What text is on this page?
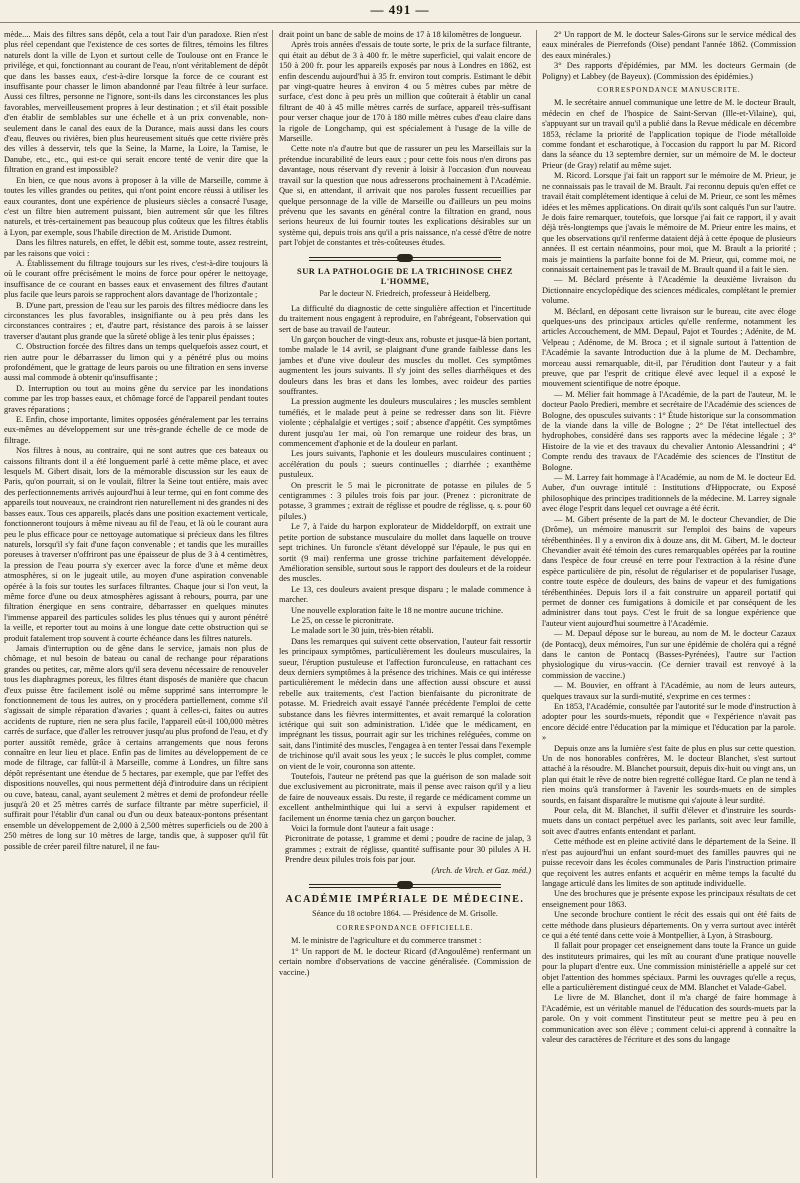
— 491 —

mède.... Mais des filtres sans dépôt, cela a tout l'air d'un paradoxe. Rien n'est plus réel cependant que l'existence de ces sortes de filtres, témoins les filtres naturels dont la ville de Lyon et surtout celle de Toulouse ont en France le privilége, et qui, fonctionnant au courant de l'eau, n'ont véritablement de dépôt que dans les basses eaux, c'est-à-dire lorsque la force de ce courant est insuffisante pour chasser le limon abandonné par l'eau filtrée à leur surface. Aussi ces filtres, personne ne l'ignore, sont-ils dans les circonstances les plus favorables, merveilleusement propres à leur destination ; et s'il était possible d'en établir de semblables sur une échelle et à un prix convenable, non-seulement dans le canal des eaux de la Durance, mais aussi dans les cours d'eau, fleuves ou rivières, bien plus heureusement situés que cette rivière près des villes à desservir, tels que la Seine, la Marne, la Loire, la Tamise, le Danube, etc., etc., qui est-ce qui serait encore tenté de venir dire que la filtration en grand est impossible?

En bien, ce que nous avons à proposer à la ville de Marseille, comme à toutes les villes grandes ou petites, qui n'ont point encore réussi à utiliser les eaux courantes, dont une expérience de plusieurs siècles a consacré l'usage, c'est un filtre bien autrement puissant, bien autrement sûr que les filtres naturels, et très-certainement pas beaucoup plus coûteux que les filtres établis à Lyon, par exemple, sous l'habile direction de M. Aristide Dumont.

Dans les filtres naturels, en effet, le débit est, somme toute, assez restreint, par les raisons que voici :

A. Établissement du filtrage toujours sur les rives, c'est-à-dire toujours là où le courant offre précisément le moins de force pour opérer le nettoyage, insuffisance de ce courant en basses eaux et envasement des filtres d'autant plus facile que leurs parois se rapprochent alors davantage de l'horizontale ;

B. D'une part, pression de l'eau sur les parois des filtres médiocre dans les circonstances les plus favorables, insignifiante ou à peu près dans les circonstances contraires ; et, d'autre part, résistance des parois à se laisser traverser d'autant plus grande que la sûreté oblige à les tenir plus épaisses ;

C. Obstruction forcée des filtres dans un temps quelquefois assez court, et rien autre pour le débarrasser du limon qui y a pénétré plus ou moins profondément, que le grattage de leurs parois ou une filtration en sens inverse aussi mal commode à obtenir qu'insuffisante ;

D. Interruption ou tout au moins gêne du service par les inondations comme par les trop basses eaux, et chômage forcé de l'appareil pendant toutes graves réparations ;

E. Enfin, chose importante, limites opposées généralement par les terrains eux-mêmes au développement sur une très-grande échelle de ce mode de filtrage.

Nos filtres à nous, au contraire, qui ne sont autres que ces bateaux ou caissons filtrants dont il a été longuement parlé à cette même place, et avec lesquels M. Gibert disait, lors de la mémorable discussion sur les eaux de Paris, qu'on pourrait, si on le voulait, filtrer la Seine tout entière, mais avec des perfectionnements arrivés aujourd'hui à leur terme, qui en font comme des appareils tout nouveaux, ne craindront rien naturellement ni des grandes ni des basses eaux. Tous ces appareils, placés dans une position exactement verticale, fonctionneront toujours à même niveau au fil de l'eau, et là où le courant aura peu le plus efficace pour ce nettoyage automatique si précieux dans les filtres naturels, lorsqu'il s'y fait d'une façon convenable ; et tandis que les murailles poreuses à traverser n'offriront pas une épaisseur de plus de 3 à 4 centimètres, la pression de l'eau pourra s'y exercer avec la force d'une et même deux atmosphères, si on le jugeait utile, au moyen d'une aspiration convenable opérée à la fois sur toutes les surfaces filtrantes. Chaque jour si l'on veut, la même force d'une ou deux atmosphères agissant à rebours, pourra, par une filtration énergique en sens contraire, débarrasser en quelques minutes l'immense appareil des particules solides les plus ténues qui y auront pénétré la veille, et reporter tout au moins à une longue date cette obstruction qui se produit fatalement trop souvent à courte échéance dans les filtres naturels.

Jamais d'interruption ou de gêne dans le service, jamais non plus de chômage, et nul besoin de bateau ou canal de rechange pour réparations grandes ou petites, car, même alors qu'il sera devenu nécessaire de renouveler tous les diaphragmes poreux, les filtres étant disposés de manière que chacun d'eux puisse être facilement isolé ou même supprimé sans interrompre le fonctionnement de tous les autres, on y procédera partiellement, comme s'il s'agissait de simple réparation d'avaries ; quant à celles-ci, faites ou autres accidents de rupture, rien ne sera plus facile, l'appareil eût-il 100,000 mètres carrés de surface, que d'aller les retrouver jusqu'au plus profond de l'eau, et d'y porter aussitôt remède, grâce à certains arrangements que nous ferons connaître en leur lieu et place. Enfin pas de limites au développement de ce mode de filtrage, car fallût-il à Marseille, comme à Londres, un filtre sans dépôt représentant une étendue de 5 hectares, par exemple, que par l'effet des dispositions nouvelles, qui nous permettent déjà d'introduire dans un récipient ou cuve, bateau, canal, ayant seulement 2 mètres et demi de profondeur réelle jusqu'à 20 et 25 mètres carrés de surface filtrante par mètre superficiel, il suffirait pour l'établir d'un canal ou d'un ou deux bateaux-pontons présentant ensemble un développement de 2,000 à 2,500 mètres superficiels ou de 200 à 250 mètres de long sur 10 mètres de large, tandis que, à supposer qu'il fût possible de créer pareil filtre naturel, il ne fau-

drait point un banc de sable de moins de 17 à 18 kilomètres de longueur.

Après trois années d'essais de toute sorte, le prix de la surface filtrante, qui était au début de 3 à 400 fr. le mètre superficiel, qui valait encore de 150 à 200 fr. pour les appareils exposés par nous à Londres en 1862, est enfin descendu aujourd'hui à 35 fr. environ tout compris. Estimant le débit par vingt-quatre heures à environ 4 ou 5 mètres cubes par mètre de surface, c'est donc à peu près un million que coûterait à établir un canal filtrant de 40 à 45 mille mètres carrés de surface, appareil très-suffisant pour verser chaque jour de 170 à 180 mille mètres cubes d'eau claire dans la rigole de Longchamp, qui est spécialement à l'usage de la ville de Marseille.

Cette note n'a d'autre but que de rassurer un peu les Marseillais sur la prétendue incurabilité de leurs eaux ; pour cette fois nous n'en dirons pas davantage, nous réservant d'y revenir à loisir à l'occasion d'un nouveau travail sur la question que nous adresserons prochainement à l'Académie. Que si, en attendant, il arrivait que nos paroles fussent recueillies par quelque personnage de la ville de Marseille ou d'ailleurs un peu moins prévenu que les savants en général contre la filtration en grand, nous serions heureux de lui fournir toutes les explications désirables sur un système qui, depuis trois ans qu'il a pris naissance, n'a cessé d'être de notre part l'objet de constantes et très-coûteuses études.

SUR LA PATHOLOGIE DE LA TRICHINOSE CHEZ L'HOMME,

Par le docteur N. Friedreich, professeur à Heidelberg.

La difficulté du diagnostic de cette singulière affection et l'incertitude du traitement nous engagent à reproduire, en l'abrégeant, l'observation qui sert de base au travail de l'auteur.

Un garçon boucher de vingt-deux ans, robuste et jusque-là bien portant, tombe malade le 14 avril, se plaignant d'une grande faiblesse dans les jambes et d'une vive douleur des muscles du mollet. Ces symptômes augmentent les jours suivants. Il s'y joint des selles diarrhéiques et des douleurs dans les bras et dans les lombes, avec roideur des parties souffrantes.

La pression augmente les douleurs musculaires ; les muscles semblent tuméfiés, et le malade peut à peine se redresser dans son lit. Fièvre violente ; céphalalgie et vertiges ; soif ; absence d'appétit. Ces symptômes durent jusqu'au 1er mai, où l'on remarque une roideur des bras, un commencement d'aphonie et de la douleur en parlant.

Les jours suivants, l'aphonie et les douleurs musculaires continuent ; accélération du pouls ; sueurs continuelles ; diarrhée ; exanthème pustuleux.

On prescrit le 5 mai le picronitrate de potasse en pilules de 5 centigrammes : 3 pilules trois fois par jour. (Prenez : picronitrate de potasse, 3 grammes ; extrait de réglisse et poudre de réglisse, q. s. pour 60 pilules.)

Le 7, à l'aide du harpon explorateur de Middeldorpff, on extrait une petite portion de substance musculaire du mollet dans laquelle on trouve sept trichines. Un furoncle s'étant développé sur l'épaule, le pus qui en sortit (9 mai) renferma une grosse trichine parfaitement développée. Amélioration sensible, surtout sous le rapport des douleurs et de la roideur des muscles.

Le 13, ces douleurs avaient presque disparu ; le malade commence à marcher.

Une nouvelle exploration faite le 18 ne montre aucune trichine.

Le 25, on cesse le picronitrate.

Le malade sort le 30 juin, très-bien rétabli.

Dans les remarques qui suivent cette observation, l'auteur fait ressortir les principaux symptômes, particulièrement les douleurs musculaires, la sueur, l'éruption pustuleuse et l'affection furonculeuse, en rattachant ces deux derniers symptômes à la présence des trichines. Mais ce qui intéresse particulièrement le médecin dans une affection aussi obscure et aussi rebelle aux traitements, c'est l'action bienfaisante du picronitrate de potasse. M. Friedreich avait essayé l'année précédente l'emploi de cette substance dans les fièvres intermittentes, et avait remarqué la coloration ictérique qui suit son administration. L'idée que le médicament, en imprégnant les tissus, pourrait agir sur les trichines reléguées, comme on sait, dans l'intimité des muscles, l'engagea à en tenter l'essai dans l'exemple de trichinose qu'il avait sous les yeux ; le succès le plus complet, comme on vient de le voir, couronna son attente.

Toutefois, l'auteur ne prétend pas que la guérison de son malade soit due exclusivement au picronitrate, mais il pense avec raison qu'il y a lieu de faire de nouveaux essais. Du reste, il regarde ce médicament comme un excellent anthelminthique qui lui a servi à expulser rapidement et facilement un énorme tænia chez un garçon boucher.

Voici la formule dont l'auteur a fait usage :

Picronitrate de potasse, 1 gramme et demi ; poudre de racine de jalap, 3 grammes ; extrait de réglisse, quantité suffisante pour 30 pilules A H. Prendre deux pilules trois fois par jour.

(Arch. de Virch. et Gaz. méd.)

ACADÉMIE IMPÉRIALE DE MÉDECINE.

Séance du 18 octobre 1864. — Présidence de M. Grisolle.

CORRESPONDANCE OFFICIELLE.

M. le ministre de l'agriculture et du commerce transmet :

1° Un rapport de M. le docteur Ricard (d'Angoulême) renfermant un certain nombre d'observations de vaccine généralisée. (Commission de vaccine.)

2° Un rapport de M. le docteur Sales-Girons sur le service médical des eaux minérales de Pierrefonds (Oise) pendant l'année 1862. (Commission des eaux minérales.)

3° Des rapports d'épidémies, par MM. les docteurs Germain (de Poligny) et Labbey (de Bayeux). (Commission des épidémies.)

CORRESPONDANCE MANUSCRITE.

M. le secrétaire annuel communique une lettre de M. le docteur Brault, médecin en chef de l'hospice de Saint-Servan (Ille-et-Vilaine), qui, s'appuyant sur un travail qu'il a publié dans la Revue médicale en décembre 1853, réclame la priorité de l'application topique de l'iode métalloïde comme fondant et escharotique, à l'occasion du rapport lu par M. Ricord dans la séance du 13 septembre dernier, sur un mémoire de M. le docteur Prieur (de Gray) relatif au même sujet.

M. Ricord. Lorsque j'ai fait un rapport sur le mémoire de M. Prieur, je ne connaissais pas le travail de M. Brault. J'ai reconnu depuis qu'en effet ce travail était complétement identique à celui de M. Prieur, ce sont les mêmes idées et les mêmes applications. On dirait qu'ils sont calqués l'un sur l'autre. Je dois faire remarquer, toutefois, que lorsque j'ai fait ce rapport, il y avait déjà très-longtemps que j'avais le mémoire de M. Prieur entre les mains, et que les observations qu'il renferme dataient déjà à cette époque de plusieurs années. Il est certain néanmoins, pour moi, que M. Brault a la priorité ; mais je maintiens la parfaite bonne foi de M. Prieur, qui, comme moi, ne connaissait certainement pas le travail de M. Brault quand il a fait le sien.

— M. Béclard présente à l'Académie la deuxième livraison du Dictionnaire encyclopédique des sciences médicales, complétant le premier volume.

M. Béclard, en déposant cette livraison sur le bureau, cite avec éloge quelques-uns des principaux articles qu'elle renferme, notamment les articles Accouchement, de MM. Depaul, Pajot et Tourdes ; Adénite, de M. Velpeau ; Adénome, de M. Broca ; et il signale surtout à l'attention de l'Académie la savante Introduction due à la plume de M. Dechambre, morceau aussi remarquable, dit-il, par l'érudition dont l'auteur y a fait preuve, que par l'esprit de critique élevé avec lequel il a exposé le mouvement scientifique de notre époque.

— M. Mélier fait hommage à l'Académie, de la part de l'auteur, M. le docteur Paolo Predieri, membre et secrétaire de l'Académie des sciences de Bologne, des opuscules suivants : 1° Étude historique sur la consommation de la viande dans la ville de Bologne ; 2° De l'état intellectuel des hydrophobes, considéré dans ses rapports avec la médecine légale ; 3° Histoire de la vie et des travaux du chevalier Antonio Alessandrini ; 4° Compte rendu des travaux de l'Académie des sciences de l'Institut de Bologne.

— M. Larrey fait hommage à l'Académie, au nom de M. le docteur Ed. Auber, d'un ouvrage intitulé : Institutions d'Hippocrate, ou Exposé philosophique des principes traditionnels de la médecine. M. Larrey signale avec éloge l'esprit dans lequel cet ouvrage a été écrit.

— M. Gibert présente de la part de M. le docteur Chevandier, de Die (Drôme), un mémoire manuscrit sur l'emploi des bains de vapeurs térébenthinées. Il y a environ dix à douze ans, dit M. Gibert, M. le docteur Chevandier avait été témoin des cures remarquables opérées par la routine dans l'espèce de four creusé en terre pour l'extraction à la résine d'une espèce particulière de pin, résolut de régulariser et de populariser l'usage, contre toute espèce de douleurs, des bains de vapeur et des fumigations térébenthinées. Depuis lors il a fait construire un appareil portatif qui permet de donner ces fumigations à domicile et par conséquent de les administrer dans tout pays. C'est le fruit de sa longue expérience que l'auteur vient aujourd'hui soumettre à l'Académie.

— M. Depaul dépose sur le bureau, au nom de M. le docteur Cazaux (de Pontacq), deux mémoires, l'un sur une épidémie de choléra qui a régné dans le canton de Pontacq (Basses-Pyrénées), l'autre sur l'action physiologique du virus-vaccin. (Ce dernier travail est renvoyé à la commission de vaccine.)

— M. Bouvier, en offrant à l'Académie, au nom de leurs auteurs, quelques travaux sur la surdi-mutité, s'exprime en ces termes :

En 1853, l'Académie, consultée par l'autorité sur le mode d'instruction à adopter pour les sourds-muets, répondit que « l'expérience n'avait pas encore décidé entre l'éducation par la mimique et l'éducation par la parole. »

Depuis onze ans la lumière s'est faite de plus en plus sur cette question. Un de nos honorables confrères, M. le docteur Blanchet, s'est surtout attaché à la résoudre. M. Blanchet poursuit, depuis dix-huit ou vingt ans, un plan qui était le rêve de notre bien regretté collègue Itard. Ce plan ne tend à rien moins qu'à transformer à l'avenir les sourds-muets en de simples sourds, en faisant disparaître le mutisme qui s'ajoute à leur surdité.

Pour cela, dit M. Blanchet, il suffit d'élever et d'instruire les sourds-muets dans un contact perpétuel avec les parlants, soit avec leur famille, soit avec d'autres enfants entendant et parlant.

Cette méthode est en pleine activité dans le département de la Seine. Il n'est pas aujourd'hui un enfant sourd-muet des familles pauvres qui ne puisse recevoir dans les écoles communales de Paris l'instruction primaire que reçoivent les autres enfants et acquérir en même temps la faculté du langage articulé dans les limites de son aptitude individuelle.

Une des brochures que je présente expose les principaux résultats de cet enseignement pour 1863.

Une seconde brochure contient le récit des essais qui ont été faits de cette méthode dans plusieurs départements. On y verra surtout avec intérêt ce qui a été tenté dans cette voie à Montpellier, à Lyon, à Strasbourg.

Il fallait pour propager cet enseignement dans toute la France un guide des instituteurs primaires, qui les mît au courant d'une pratique nouvelle pour la plupart d'entre eux. Une commission ministérielle a appelé sur cet objet l'attention des hommes spéciaux. Parmi les ouvrages qu'elle a reçus, elle a particulièrement distingué ceux de MM. Blanchet et Valade-Gabel.

Le livre de M. Blanchet, dont il m'a chargé de faire hommage à l'Académie, est un véritable manuel de l'éducation des sourds-muets par la parole. On y voit comment l'instituteur peut se mettre peu à peu en communication avec son élève ; comment celui-ci apprend à connaître la valeur des caractères de l'écriture et des sons du langage
